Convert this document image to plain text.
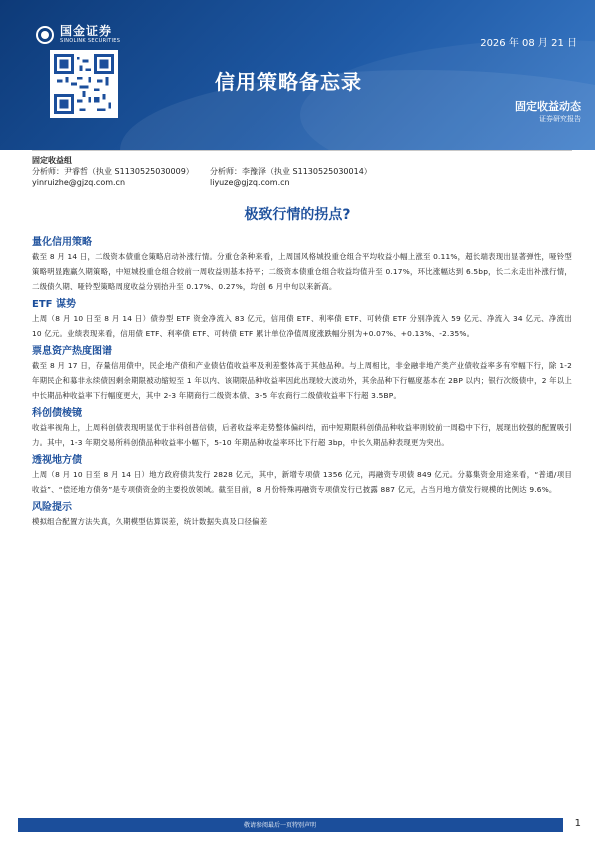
国金证券
SINOLINK SECURITIES	2026 年 08 月 21 日
信用策略备忘录
固定收益动态
证券研究报告
固定收益组
分析师：尹睿哲（执业 S1130525030009）	分析师：李豫泽（执业 S1130525030014）
yinruizhe@gjzq.com.cn	liyuze@gjzq.com.cn
极致行情的拐点?
量化信用策略
截至 8 月 14 日，二级资本债重仓策略启动补涨行情。分重仓条种来看，上周国风格城投重仓组合平均收益小幅上涨至 0.11%，超长端表现出显著弹性，哑铃型策略明显跑赢久期策略，中短城投重仓组合较前一周收益则基本持平；二级资本债重仓组合收益均值升至 0.17%，环比涨幅达到 6.5bp，长二永走出补涨行情，二级债久期、哑铃型策略周度收益分别抬升至 0.17%、0.27%，均创 6 月中旬以来新高。
ETF 谋势
上周（8 月 10 日至 8 月 14 日）债券型 ETF 资金净流入 83 亿元，信用债 ETF、利率债 ETF、可转债 ETF 分别净流入 59 亿元、净流入 34 亿元、净流出 10 亿元。业绩表现来看，信用债 ETF、利率债 ETF、可转债 ETF 累计单位净值周度涨跌幅分别为+0.07%、+0.13%、-2.35%。
票息资产热度图谱
截至 8 月 17 日，存量信用债中，民企地产债和产业债估值收益率及利差整体高于其他品种。与上周相比，非金融非地产类产业债收益率多有窄幅下行，除 1-2 年期民企和募非永续债因剩余期限被动缩短至 1 年以内、该期限品种收益率因此出现较大波动外，其余品种下行幅度基本在 2BP 以内；银行次级债中，2 年以上中长期品种收益率下行幅度更大，其中 2-3 年期商行二级资本债、3-5 年农商行二级债收益率下行超 3.5BP。
科创债棱镜
收益率视角上，上周科创债表现明显优于非科创普信债，后者收益率走势整体偏纠结，而中短期限科创债品种收益率则较前一周稳中下行，展现出较强的配置吸引力。其中，1-3 年期交易所科创债品种收益率小幅下，5-10 年期品种收益率环比下行超 3bp，中长久期品种表现更为突出。
透视地方债
上周（8 月 10 日至 8 月 14 日）地方政府债共发行 2828 亿元，其中，新增专项债 1356 亿元，再融资专项债 849 亿元。分募集资金用途来看，“普通/项目收益”、“偿还地方债务”是专项债资金的主要投放领域。截至目前，8 月份特殊再融资专项债发行已披露 887 亿元，占当月地方债发行规模的比例达 9.6%。
风险提示
模拟组合配置方法失真，久期模型估算误差，统计数据失真及口径偏差
敬请参阅最后一页特别声明	1
